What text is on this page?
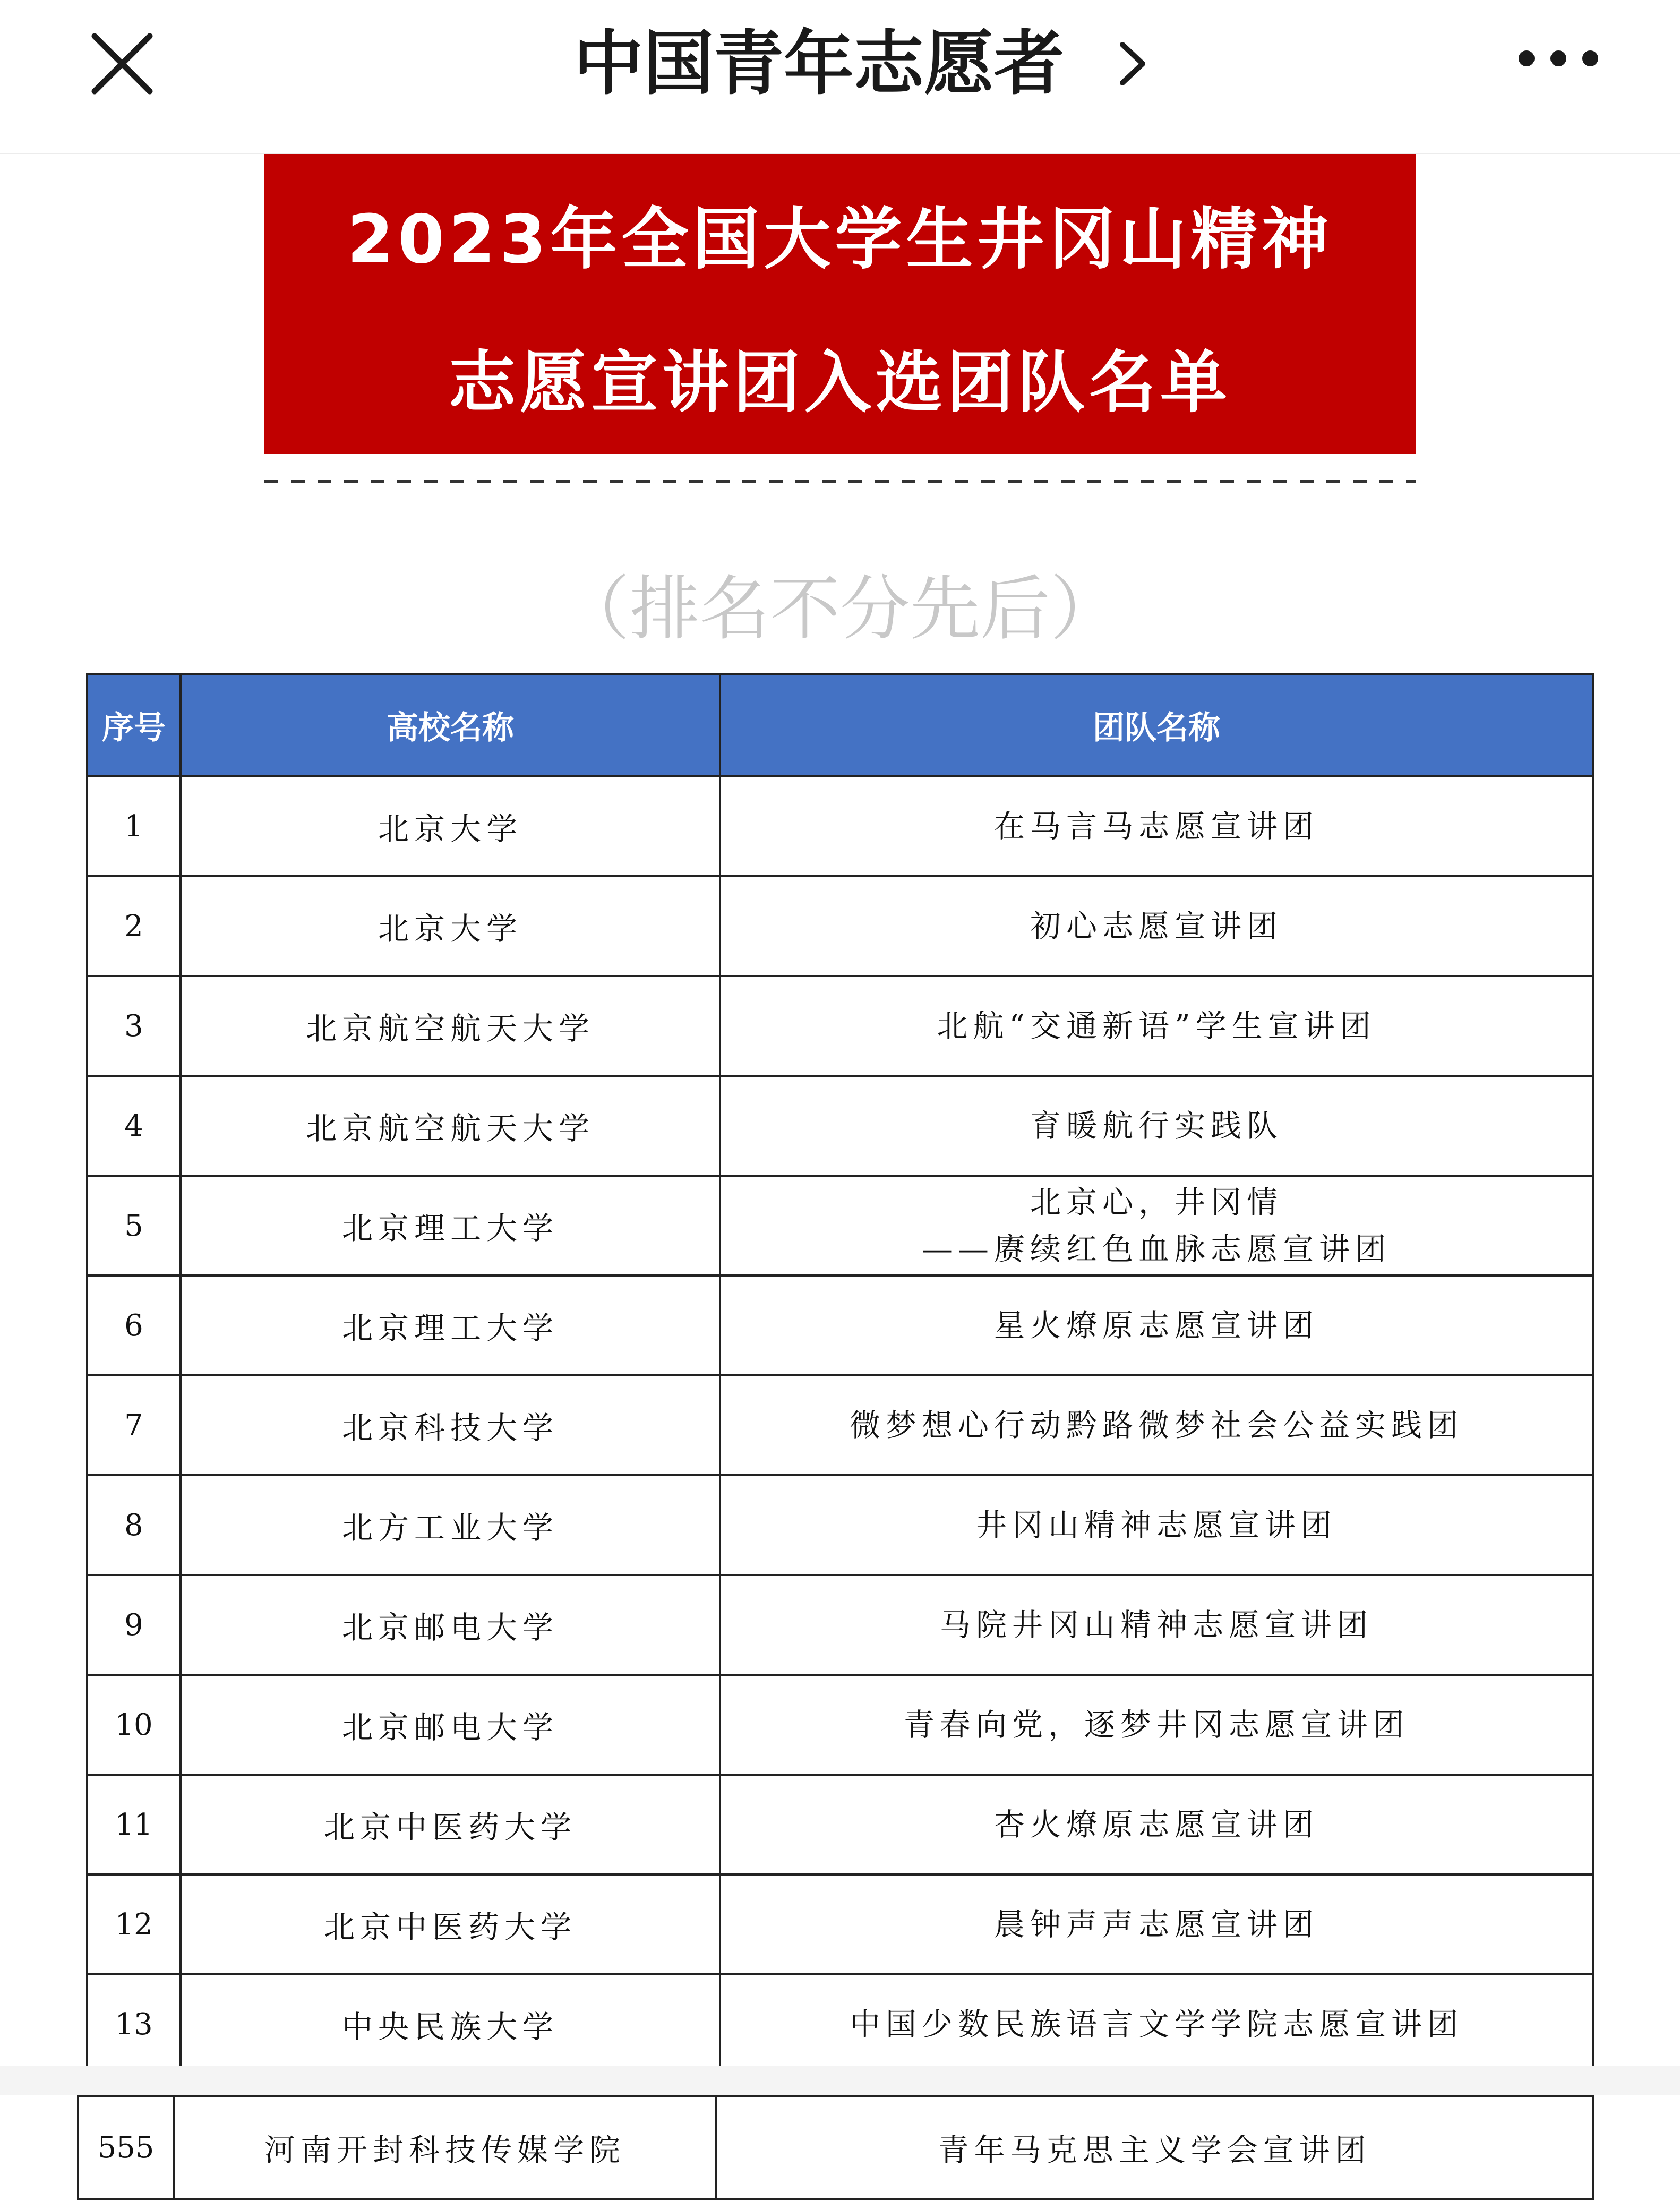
中国青年志愿者
2023年全国大学生井冈山精神
志愿宣讲团入选团队名单
（排名不分先后）
序号	高校名称	团队名称
1	北京大学	在马言马志愿宣讲团

2	北京大学	初心志愿宣讲团

3	北京航空航天大学	北航“交通新语”学生宣讲团

4	北京航空航天大学	育暖航行实践队

5	北京理工大学	北京心，井冈情
——赓续红色血脉志愿宣讲团

6	北京理工大学	星火燎原志愿宣讲团

7	北京科技大学	微梦想心行动黔路微梦社会公益实践团

8	北方工业大学	井冈山精神志愿宣讲团

9	北京邮电大学	马院井冈山精神志愿宣讲团

10	北京邮电大学	青春向党，逐梦井冈志愿宣讲团

11	北京中医药大学	杏火燎原志愿宣讲团

12	北京中医药大学	晨钟声声志愿宣讲团

13	中央民族大学	中国少数民族语言文学学院志愿宣讲团
555	河南开封科技传媒学院	青年马克思主义学会宣讲团
